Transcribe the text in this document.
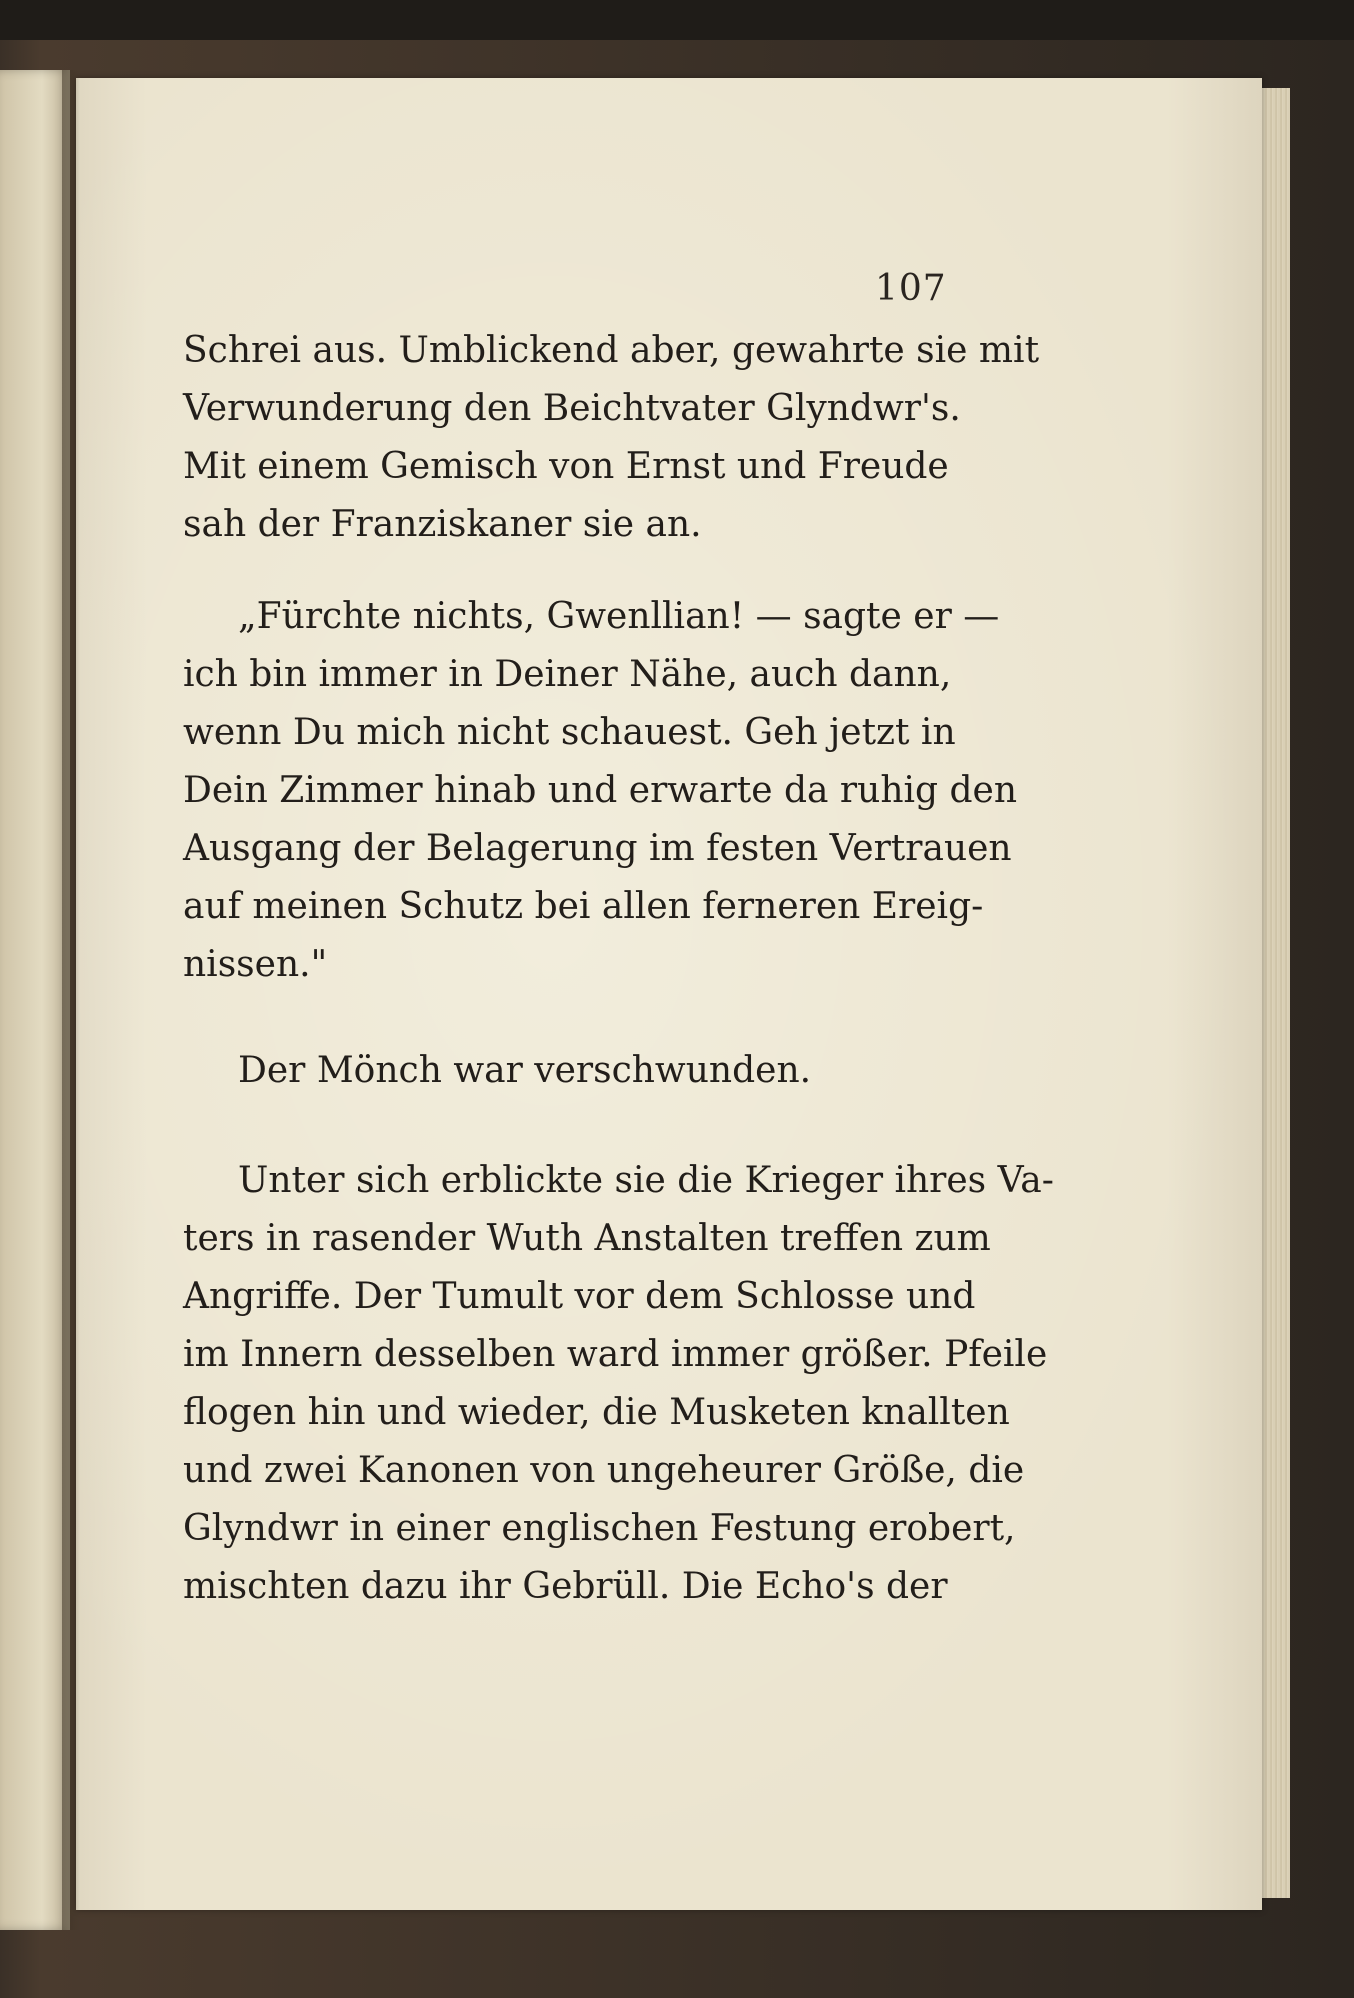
107
Schrei aus. Umblickend aber, gewahrte sie mit
Verwunderung den Beichtvater Glyndwr's.
Mit einem Gemisch von Ernst und Freude
sah der Franziskaner sie an.
„Fürchte nichts, Gwenllian! — sagte er —
ich bin immer in Deiner Nähe, auch dann,
wenn Du mich nicht schauest. Geh jetzt in
Dein Zimmer hinab und erwarte da ruhig den
Ausgang der Belagerung im festen Vertrauen
auf meinen Schutz bei allen ferneren Ereig-
nissen."
Der Mönch war verschwunden.
Unter sich erblickte sie die Krieger ihres Va-
ters in rasender Wuth Anstalten treffen zum
Angriffe. Der Tumult vor dem Schlosse und
im Innern desselben ward immer größer. Pfeile
flogen hin und wieder, die Musketen knallten
und zwei Kanonen von ungeheurer Größe, die
Glyndwr in einer englischen Festung erobert,
mischten dazu ihr Gebrüll. Die Echo's der
